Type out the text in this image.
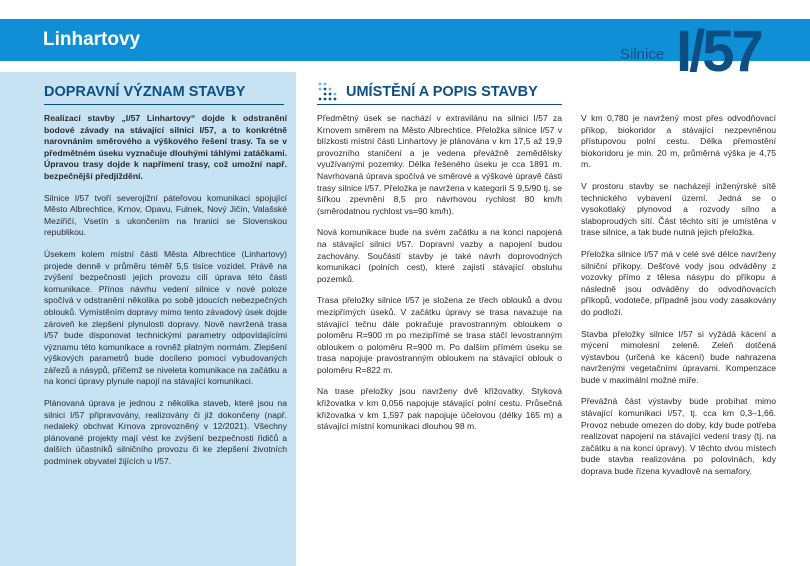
Linhartovy
Silnice I/57
DOPRAVNÍ VÝZNAM STAVBY

Realizací stavby „I/57 Linhartovy“ dojde k odstranění bodové závady na stávající silnici I/57, a to konkrétně narovnáním směrového a výškového řešení trasy. Ta se v předmětném úseku vyznačuje dlouhými táhlými zatáčkami. Úpravou trasy dojde k napřímení trasy, což umožní např. bezpečnější předjíždění.

Silnice I/57 tvoří severojižní páteřovou komunikaci spojující Město Albrechtice, Krnov, Opavu, Fulnek, Nový Jičín, Valašské Meziříčí, Vsetín s ukončením na hranici se Slovenskou republikou.

Úsekem kolem místní části Města Albrechtice (Linhartovy) projede denně v průměru téměř 5,5 tisíce vozidel. Právě na zvýšení bezpečnosti jejich provozu cílí úprava této části komunikace. Přínos návrhu vedení silnice v nové poloze spočívá v odstranění několika po sobě jdoucích nebezpečných oblouků. Vymístěním dopravy mimo tento závadový úsek dojde zároveň ke zlepšení plynulosti dopravy. Nově navržená trasa I/57 bude disponovat technickými parametry odpovídajícími významu této komunikace a rovněž platným normám. Zlepšení výškových parametrů bude docíleno pomocí vybudovaných zářezů a násypů, přičemž se niveleta komunikace na začátku a na konci úpravy plynule napojí na stávající komunikaci.

Plánovaná úprava je jednou z několika staveb, které jsou na silnici I/57 připravovány, realizovány či již dokončeny (např. nedaleký obchvat Krnova zprovozněný v 12/2021). Všechny plánované projekty mají vést ke zvýšení bezpečnosti řidičů a dalších účastníků silničního provozu či ke zlepšení životních podmínek obyvatel žijících u I/57.

UMÍSTĚNÍ A POPIS STAVBY

Předmětný úsek se nachází v extravilánu na silnici I/57 za Krnovem směrem na Město Albrechtice. Přeložka silnice I/57 v blízkosti místní části Linhartovy je plánována v km 17,5 až 19,9 provozního staničení a je vedena převážně zemědělsky využívanými pozemky. Délka řešeného úseku je cca 1891 m. Navrhovaná úprava spočívá ve směrové a výškové úpravě části trasy silnice I/57. Přeložka je navržena v kategorii S 9,5/90 tj. se šířkou zpevnění 8,5 pro návrhovou rychlost 80 km/h (směrodatnou rychlost vs=90 km/h).

Nová komunikace bude na svém začátku a na konci napojená na stávající silnici I/57. Dopravní vazby a napojení budou zachovány. Součástí stavby je také návrh doprovodných komunikací (polních cest), které zajistí stávající obsluhu pozemků.

Trasa přeložky silnice I/57 je složena ze třech oblouků a dvou mezipřímých úseků. V začátku úpravy se trasa navazuje na stávající tečnu dále pokračuje pravostranným obloukem o poloměru R=900 m po mezipřímé se trasa stáčí levostranným obloukem o poloměru R=900 m. Po dalším přímém úseku se trasa napojuje pravostranným obloukem na stávající oblouk o poloměru R=822 m.

Na trase přeložky jsou navrženy dvě křižovatky. Styková křižovatka v km 0,056 napojuje stávající polní cestu. Průsečná křižovatka v km 1,597 pak napojuje účelovou (délky 165 m) a stávající místní komunikaci dlouhou 98 m.

V km 0,780 je navržený most přes odvodňovací příkop, biokoridor a stávající nezpevněnou přístupovou polní cestu. Délka přemostění biokoridoru je min. 20 m, průměrná výška je 4,75 m.

V prostoru stavby se nacházejí inženýrské sítě technického vybavení území. Jedná se o vysokotlaký plynovod a rozvody sílno a slaboproudých sítí. Část těchto sítí je umístěna v trase silnice, a tak bude nutná jejich přeložka.

Přeložka silnice I/57 má v celé své délce navrženy silniční příkopy. Dešťové vody jsou odváděny z vozovky přímo z tělesa násypu do příkopu a následně jsou odváděny do odvodňovacích příkopů, vodoteče, případně jsou vody zasakovány do podloží.

Stavba přeložky silnice I/57 si vyžádá kácení a mýcení mimolesní zeleně. Zeleň dotčená výstavbou (určená ke kácení) bude nahrazena navrženými vegetačními úpravami. Kompenzace bude v maximální možné míře.

Převážná část výstavby bude probíhat mimo stávající komunikaci I/57, tj. cca km 0,3–1,66. Provoz nebude omezen do doby, kdy bude potřeba realizovat napojení na stávající vedení trasy (tj. na začátku a na konci úpravy). V těchto dvou místech bude stavba realizována po polovinách, kdy doprava bude řízena kyvadlově na semafory.
